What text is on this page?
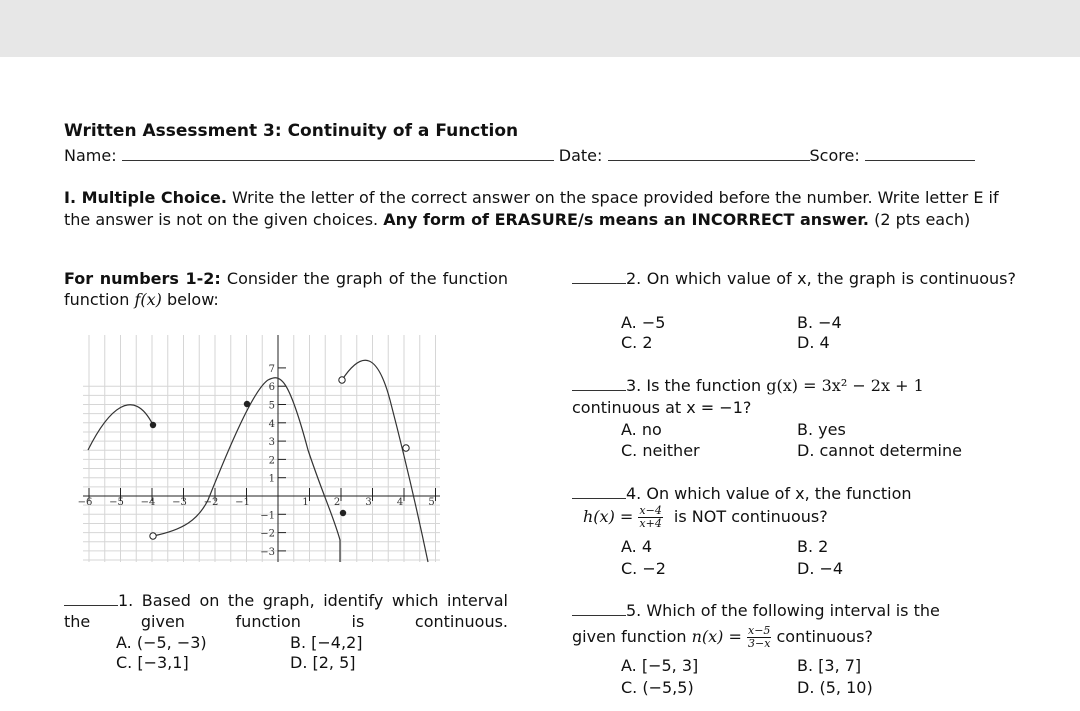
Written Assessment 3: Continuity of a Function
Name:	Date:	Score:
I. Multiple Choice. Write the letter of the correct answer on the space provided before the number. Write letter E if the answer is not on the given choices. Any form of ERASURE/s means an INCORRECT answer. (2 pts each)
For numbers 1-2: Consider the graph of the function
function f(x) below:
−6 −5 −4 −3 −2 −1	1	2	3	4	5
7
6
5
4
3
2
1
−1
−2
−3
1. Based on the graph, identify which interval the given function is continuous.
A. (−5, −3)	B. [−4,2]
C. [−3,1]	D. [2, 5]
2. On which value of x, the graph is continuous?
A. −5	B. −4
C. 2	D. 4
3. Is the function g(x) = 3x² − 2x + 1
continuous at x = −1?
A. no	B. yes
C. neither	D. cannot determine
4. On which value of x, the function
$h(x) = \frac{x-4}{x+4}$ is NOT continuous?
A. 4	B. 2
C. −2	D. −4
5. Which of the following interval is the
given function $n(x) = \frac{x-5}{3-x}$ continuous?
A. [−5, 3]	B. [3, 7]
C. (−5,5)	D. (5, 10)
